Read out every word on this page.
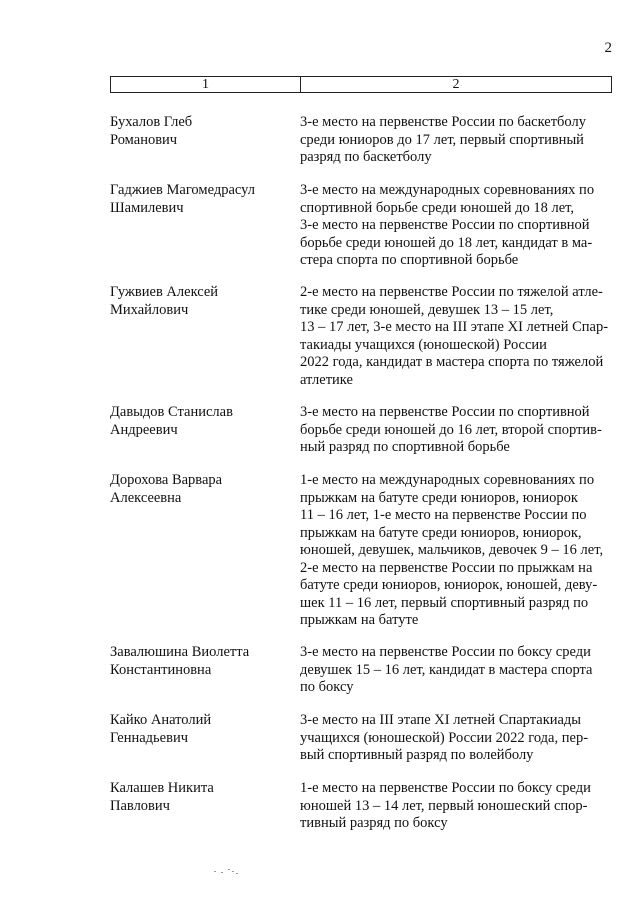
2
1	2
Бухалов Глеб
Романович
3-е место на первенстве России по баскетболу
среди юниоров до 17 лет, первый спортивный
разряд по баскетболу
Гаджиев Магомедрасул
Шамилевич
3-е место на международных соревнованиях по
спортивной борьбе среди юношей до 18 лет,
3-е место на первенстве России по спортивной
борьбе среди юношей до 18 лет, кандидат в ма-
стера спорта по спортивной борьбе
Гужвиев Алексей
Михайлович
2-е место на первенстве России по тяжелой атле-
тике среди юношей, девушек 13 – 15 лет,
13 – 17 лет, 3-е место на III этапе XI летней Спар-
такиады учащихся (юношеской) России
2022 года, кандидат в мастера спорта по тяжелой
атлетике
Давыдов Станислав
Андреевич
3-е место на первенстве России по спортивной
борьбе среди юношей до 16 лет, второй спортив-
ный разряд по спортивной борьбе
Дорохова Варвара
Алексеевна
1-е место на международных соревнованиях по
прыжкам на батуте среди юниоров, юниорок
11 – 16 лет, 1-е место на первенстве России по
прыжкам на батуте среди юниоров, юниорок,
юношей, девушек, мальчиков, девочек 9 – 16 лет,
2-е место на первенстве России по прыжкам на
батуте среди юниоров, юниорок, юношей, деву-
шек 11 – 16 лет, первый спортивный разряд по
прыжкам на батуте
Завалюшина Виолетта
Константиновна
3-е место на первенстве России по боксу среди
девушек 15 – 16 лет, кандидат в мастера спорта
по боксу
Кайко Анатолий
Геннадьевич
3-е место на III этапе XI летней Спартакиады
учащихся (юношеской) России 2022 года, пер-
вый спортивный разряд по волейболу
Калашев Никита
Павлович
1-е место на первенстве России по боксу среди
юношей 13 – 14 лет, первый юношеский спор-
тивный разряд по боксу
